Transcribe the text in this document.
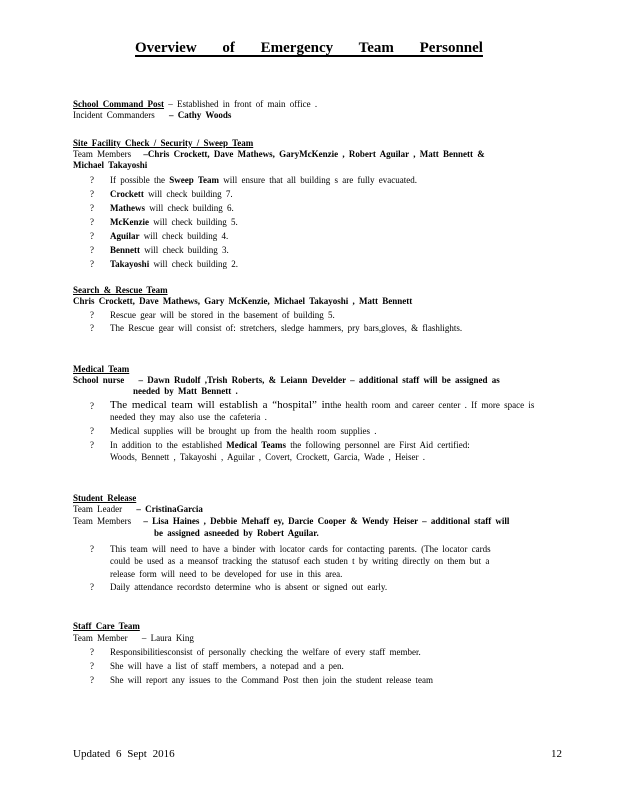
Overview of Emergency Team Personnel
School Command Post – Established in front of main office .
Incident Commanders – Cathy Woods
Site Facility Check / Security / Sweep Team
Team Members –Chris Crockett, Dave Mathews, GaryMcKenzie , Robert Aguilar , Matt Bennett &
Michael Takayoshi
? If possible the Sweep Team will ensure that all building s are fully evacuated.
? Crockett will check building 7.
? Mathews will check building 6.
? McKenzie will check building 5.
? Aguilar will check building 4.
? Bennett will check building 3.
? Takayoshi will check building 2.
Search & Rescue Team
Chris Crockett, Dave Mathews, Gary McKenzie, Michael Takayoshi , Matt Bennett
? Rescue gear will be stored in the basement of building 5.
? The Rescue gear will consist of: stretchers, sledge hammers, pry bars,gloves, & flashlights.
Medical Team
School nurse – Dawn Rudolf ,Trish Roberts, & Leiann Develder – additional staff will be assigned as
needed by Matt Bennett .
? The medical team will establish a “hospital” inthe health room and career center . If more space is
needed they may also use the cafeteria .
? Medical supplies will be brought up from the health room supplies .
? In addition to the established Medical Teams the following personnel are First Aid certified:
Woods, Bennett , Takayoshi , Aguilar , Covert, Crockett, Garcia, Wade , Heiser .
Student Release
Team Leader – CristinaGarcia
Team Members – Lisa Haines , Debbie Mehaff ey, Darcie Cooper & Wendy Heiser – additional staff will
be assigned asneeded by Robert Aguilar.
? This team will need to have a binder with locator cards for contacting parents. (The locator cards
could be used as a meansof tracking the statusof each studen t by writing directly on them but a
release form will need to be developed for use in this area.
? Daily attendance recordsto determine who is absent or signed out early.
Staff Care Team
Team Member – Laura King
? Responsibilitiesconsist of personally checking the welfare of every staff member.
? She will have a list of staff members, a notepad and a pen.
? She will report any issues to the Command Post then join the student release team
Updated 6 Sept 2016	12
